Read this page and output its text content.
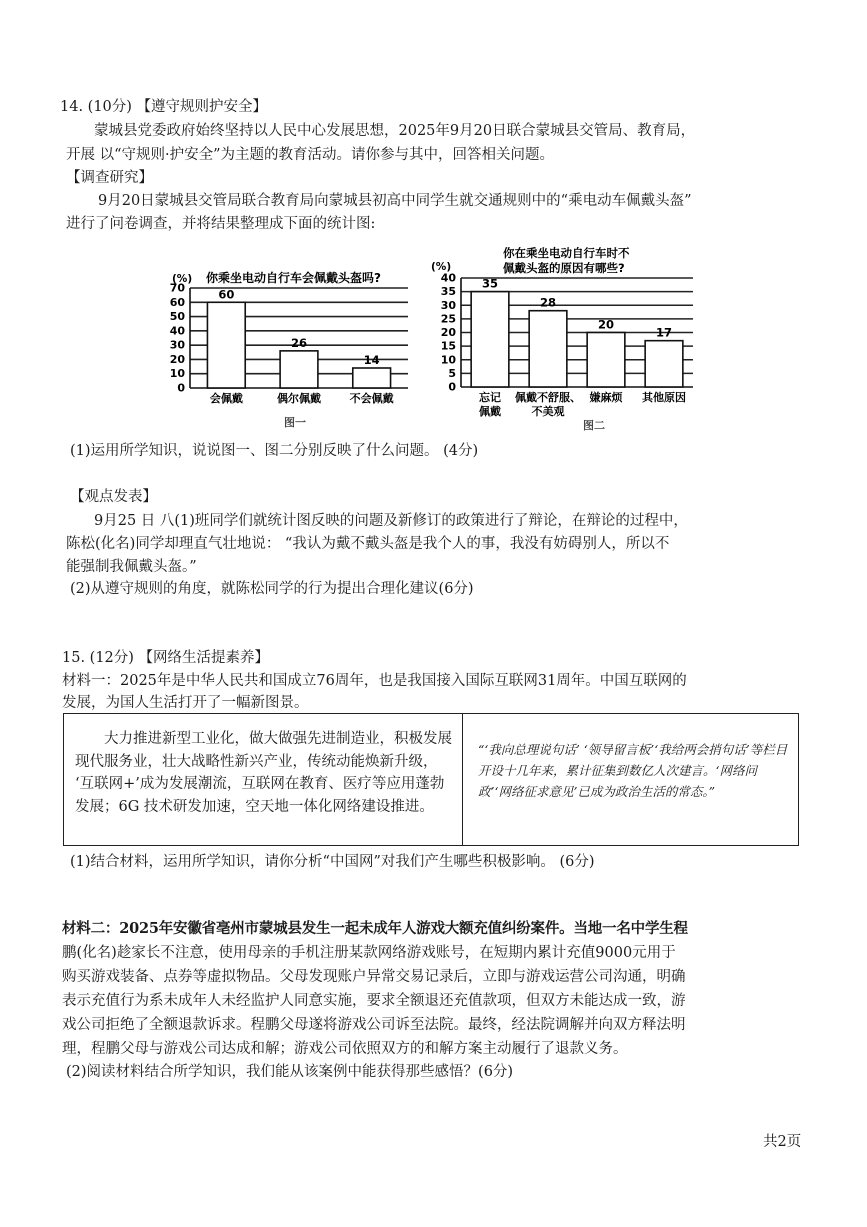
14. (10分) 【遵守规则护安全】
蒙城县党委政府始终坚持以人民中心发展思想，2025年9月20日联合蒙城县交管局、教育局，
开展 以“守规则·护安全”为主题的教育活动。请你参与其中，回答相关问题。
【调查研究】
9月20日蒙城县交管局联合教育局向蒙城县初高中同学生就交通规则中的“乘电动车佩戴头盔”
进行了问卷调查，并将结果整理成下面的统计图:
0
10
20
30
40
50
60
70
(%) 你乘坐电动自行车会佩戴头盔吗?
60
会佩戴
26
偶尔佩戴
14
不会佩戴
图一
0
5
10
15
20
25
30
35
40
(%)
你在乘坐电动自行车时不
佩戴头盔的原因有哪些?
35
忘记
佩戴
28
佩戴不舒服、
不美观
20
嫌麻烦
17
其他原因
图二
(1)运用所学知识，说说图一、图二分别反映了什么问题。 (4分)
【观点发表】
9月25 日 八(1)班同学们就统计图反映的问题及新修订的政策进行了辩论，在辩论的过程中，
陈松(化名)同学却理直气壮地说： “我认为戴不戴头盔是我个人的事，我没有妨碍别人，所以不
能强制我佩戴头盔。”
(2)从遵守规则的角度，就陈松同学的行为提出合理化建议(6分)
15. (12分) 【网络生活提素养】
材料一：2025年是中华人民共和国成立76周年，也是我国接入国际互联网31周年。中国互联网的
发展，为国人生活打开了一幅新图景。
大力推进新型工业化，做大做强先进制造业，积极发展现代服务业，壮大战略性新兴产业，传统动能焕新升级， ‘互联网+’成为发展潮流，互联网在教育、医疗等应用蓬勃发展；6G 技术研发加速，空天地一体化网络建设推进。
“‘我向总理说句话’ ‘领导留言板’‘我给两会捎句话’等栏目开设十几年来，累计征集到数亿人次建言。‘网络问政’‘网络征求意见’已成为政治生活的常态。”
(1)结合材料，运用所学知识，请你分析“中国网”对我们产生哪些积极影响。 (6分)
材料二：2025年安徽省亳州市蒙城县发生一起未成年人游戏大额充值纠纷案件。当地一名中学生程
鹏(化名)趁家长不注意，使用母亲的手机注册某款网络游戏账号，在短期内累计充值9000元用于
购买游戏装备、点券等虚拟物品。父母发现账户异常交易记录后，立即与游戏运营公司沟通，明确
表示充值行为系未成年人未经监护人同意实施，要求全额退还充值款项，但双方未能达成一致，游
戏公司拒绝了全额退款诉求。程鹏父母遂将游戏公司诉至法院。最终，经法院调解并向双方释法明
理，程鹏父母与游戏公司达成和解；游戏公司依照双方的和解方案主动履行了退款义务。
(2)阅读材料结合所学知识，我们能从该案例中能获得那些感悟？(6分)
共2页
